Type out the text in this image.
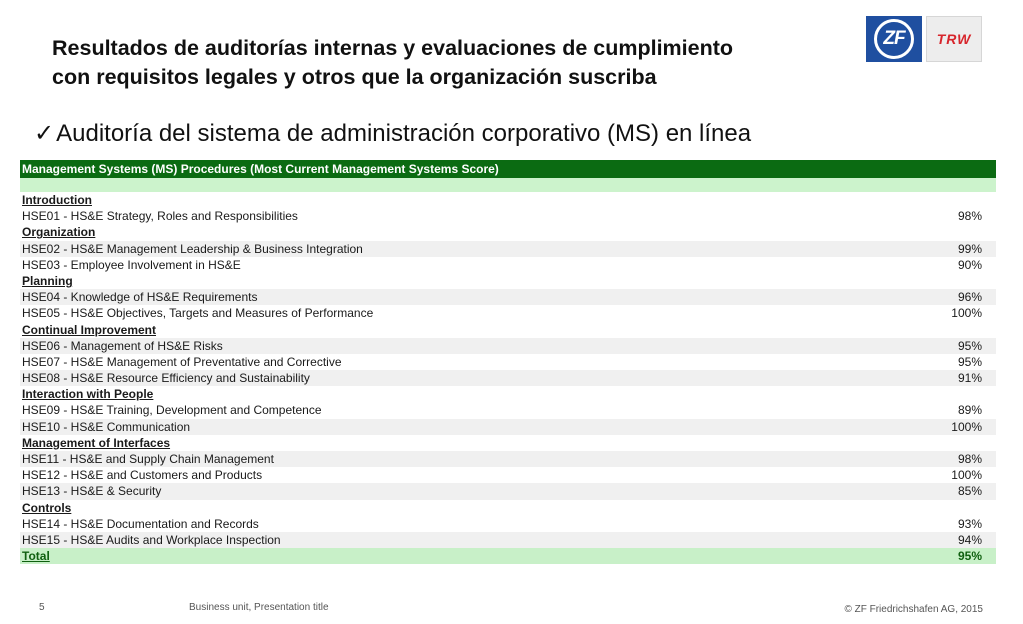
Resultados de auditorías internas y evaluaciones de cumplimiento
con requisitos legales y otros que la organización suscriba
ZF	TRW
✓ Auditoría del sistema de administración corporativo (MS) en línea
Management Systems (MS) Procedures (Most Current Management Systems Score)
Introduction
HSE01 - HS&E Strategy, Roles and Responsibilities	98%
Organization
HSE02 - HS&E Management Leadership & Business Integration	99%
HSE03 - Employee Involvement in HS&E	90%
Planning
HSE04 - Knowledge of HS&E Requirements	96%
HSE05 - HS&E Objectives, Targets and Measures of Performance	100%
Continual Improvement
HSE06 - Management of HS&E Risks	95%
HSE07 - HS&E Management of Preventative and Corrective	95%
HSE08 - HS&E Resource Efficiency and Sustainability	91%
Interaction with People
HSE09 - HS&E Training, Development and Competence	89%
HSE10 - HS&E Communication	100%
Management of Interfaces
HSE11 - HS&E and Supply Chain Management	98%
HSE12 - HS&E and Customers and Products	100%
HSE13 - HS&E & Security	85%
Controls
HSE14 - HS&E Documentation and Records	93%
HSE15 - HS&E Audits and Workplace Inspection	94%
Total	95%
5	Business unit, Presentation title	© ZF Friedrichshafen AG, 2015
